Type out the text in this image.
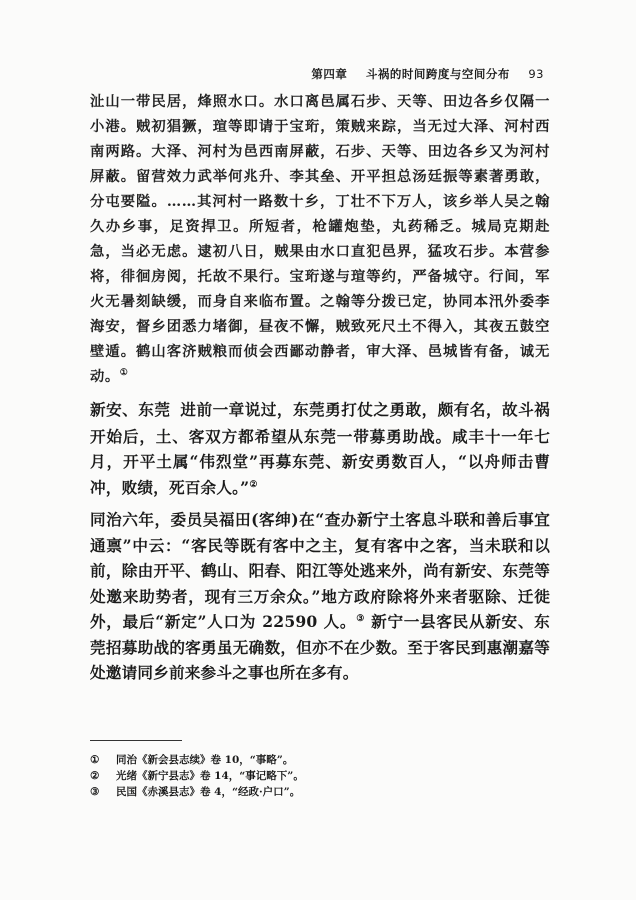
第四章 斗祸的时间跨度与空间分布 93

沚山一带民居，烽照水口。水口离邑属石步、天等、田边各乡仅隔一小港。贼初猖獗，瑄等即请于宝珩，策贼来踪，当无过大泽、河村西南两路。大泽、河村为邑西南屏蔽，石步、天等、田边各乡又为河村屏蔽。留营效力武举何兆升、李其垒、开平担总汤廷振等素著勇敢，分屯要隘。……其河村一路数十乡，丁壮不下万人，该乡举人吴之翰久办乡事，足资捍卫。所短者，枪罐炮垫，丸药稀乏。城局克期赴急，当必无虑。逮初八日，贼果由水口直犯邑界，猛攻石步。本营参将，徘徊房阅，托故不果行。宝珩遂与瑄等约，严备城守。行间，军火无暑刻缺缓，而身自来临布置。之翰等分拨已定，协同本汛外委李海安，督乡团悉力堵御，昼夜不懈，贼致死尺土不得入，其夜五鼓空壁遁。鹤山客济贼粮而侦会西鄙动静者，审大泽、邑城皆有备，诚无动。①

新安、东莞 进前一章说过，东莞勇打仗之勇敢，颇有名，故斗祸开始后，土、客双方都希望从东莞一带募勇助战。咸丰十一年七月，开平土属“伟烈堂”再募东莞、新安勇数百人，“以舟师击曹冲，败绩，死百余人。”②

同治六年，委员吴福田(客绅)在“查办新宁土客息斗联和善后事宜通禀”中云：“客民等既有客中之主，复有客中之客，当未联和以前，除由开平、鹤山、阳春、阳江等处逃来外，尚有新安、东莞等处邀来助势者，现有三万余众。”地方政府除将外来者驱除、迁徙外，最后“新定”人口为 22590 人。③ 新宁一县客民从新安、东莞招募助战的客勇虽无确数，但亦不在少数。至于客民到惠潮嘉等处邀请同乡前来参斗之事也所在多有。

① 同治《新会县志续》卷 10，“事略”。
② 光绪《新宁县志》卷 14，“事记略下”。
③ 民国《赤溪县志》卷 4，“经政·户口”。
